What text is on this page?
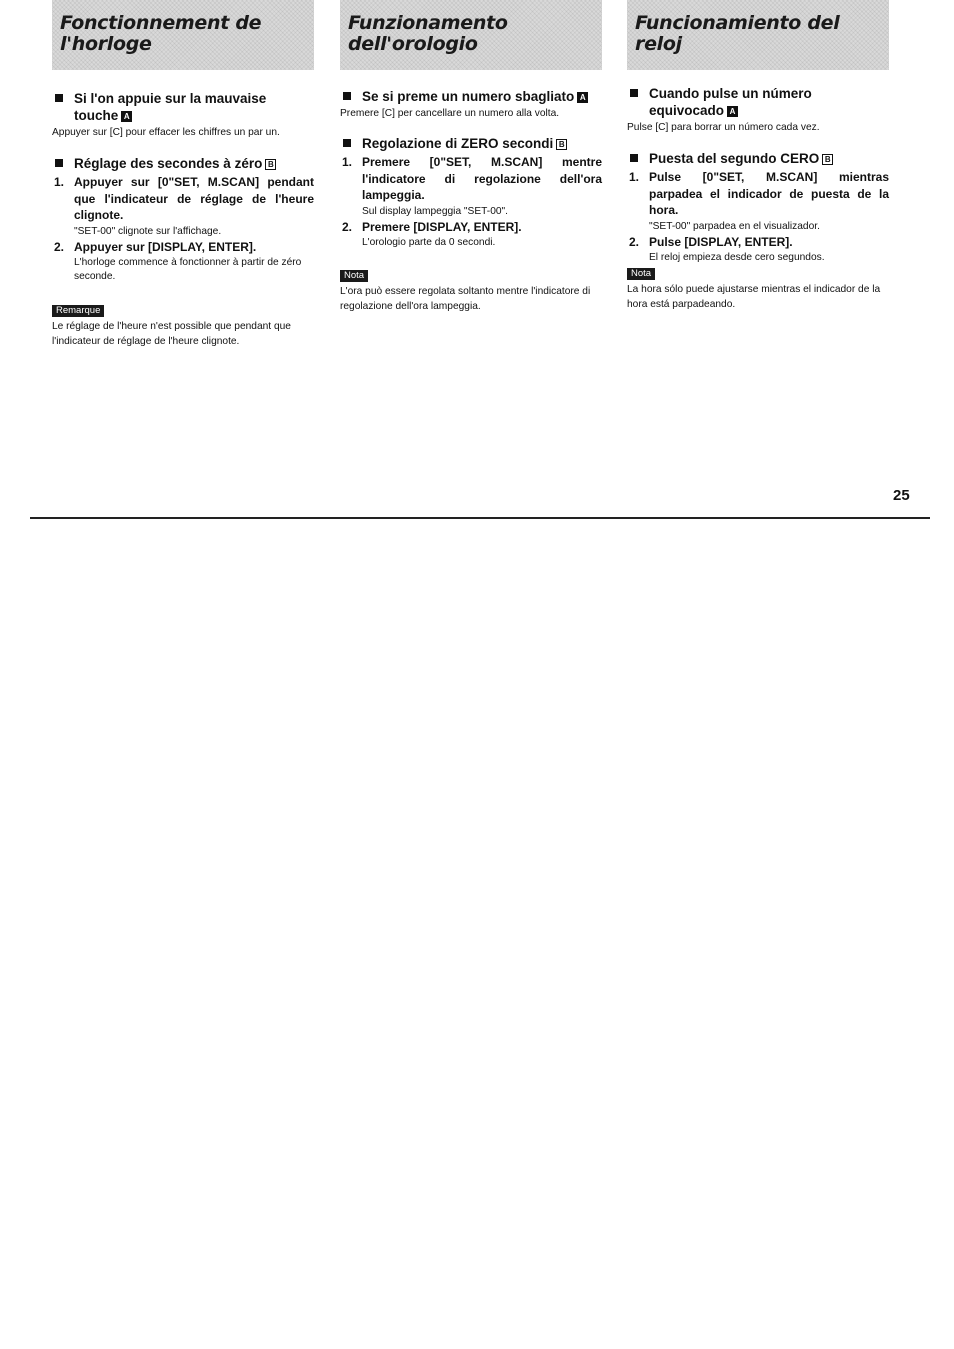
Fonctionnement de l'horloge

Si l'on appuie sur la mauvaise touche A

Appuyer sur [C] pour effacer les chiffres un par un.

Réglage des secondes à zéro B

1. Appuyer sur [0"SET, M.SCAN] pendant que l'indicateur de réglage de l'heure clignote.
"SET-00" clignote sur l'affichage.
2. Appuyer sur [DISPLAY, ENTER].
L'horloge commence à fonctionner à partir de zéro seconde.
Remarque

Le réglage de l'heure n'est possible que pendant que l'indicateur de réglage de l'heure clignote.

Funzionamento dell'orologio

Se si preme un numero sbagliato A

Premere [C] per cancellare un numero alla volta.

Regolazione di ZERO secondi B

1. Premere [0"SET, M.SCAN] mentre l'indicatore di regolazione dell'ora lampeggia.
Sul display lampeggia "SET-00".
2. Premere [DISPLAY, ENTER].
L'orologio parte da 0 secondi.
Nota

L'ora può essere regolata soltanto mentre l'indicatore di regolazione dell'ora lampeggia.

Funcionamiento del reloj

Cuando pulse un número equivocado A

Pulse [C] para borrar un número cada vez.

Puesta del segundo CERO B

1. Pulse [0"SET, M.SCAN] mientras parpadea el indicador de puesta de la hora.
"SET-00" parpadea en el visualizador.
2. Pulse [DISPLAY, ENTER].
El reloj empieza desde cero segundos.
Nota

La hora sólo puede ajustarse mientras el indicador de la hora está parpadeando.

25
